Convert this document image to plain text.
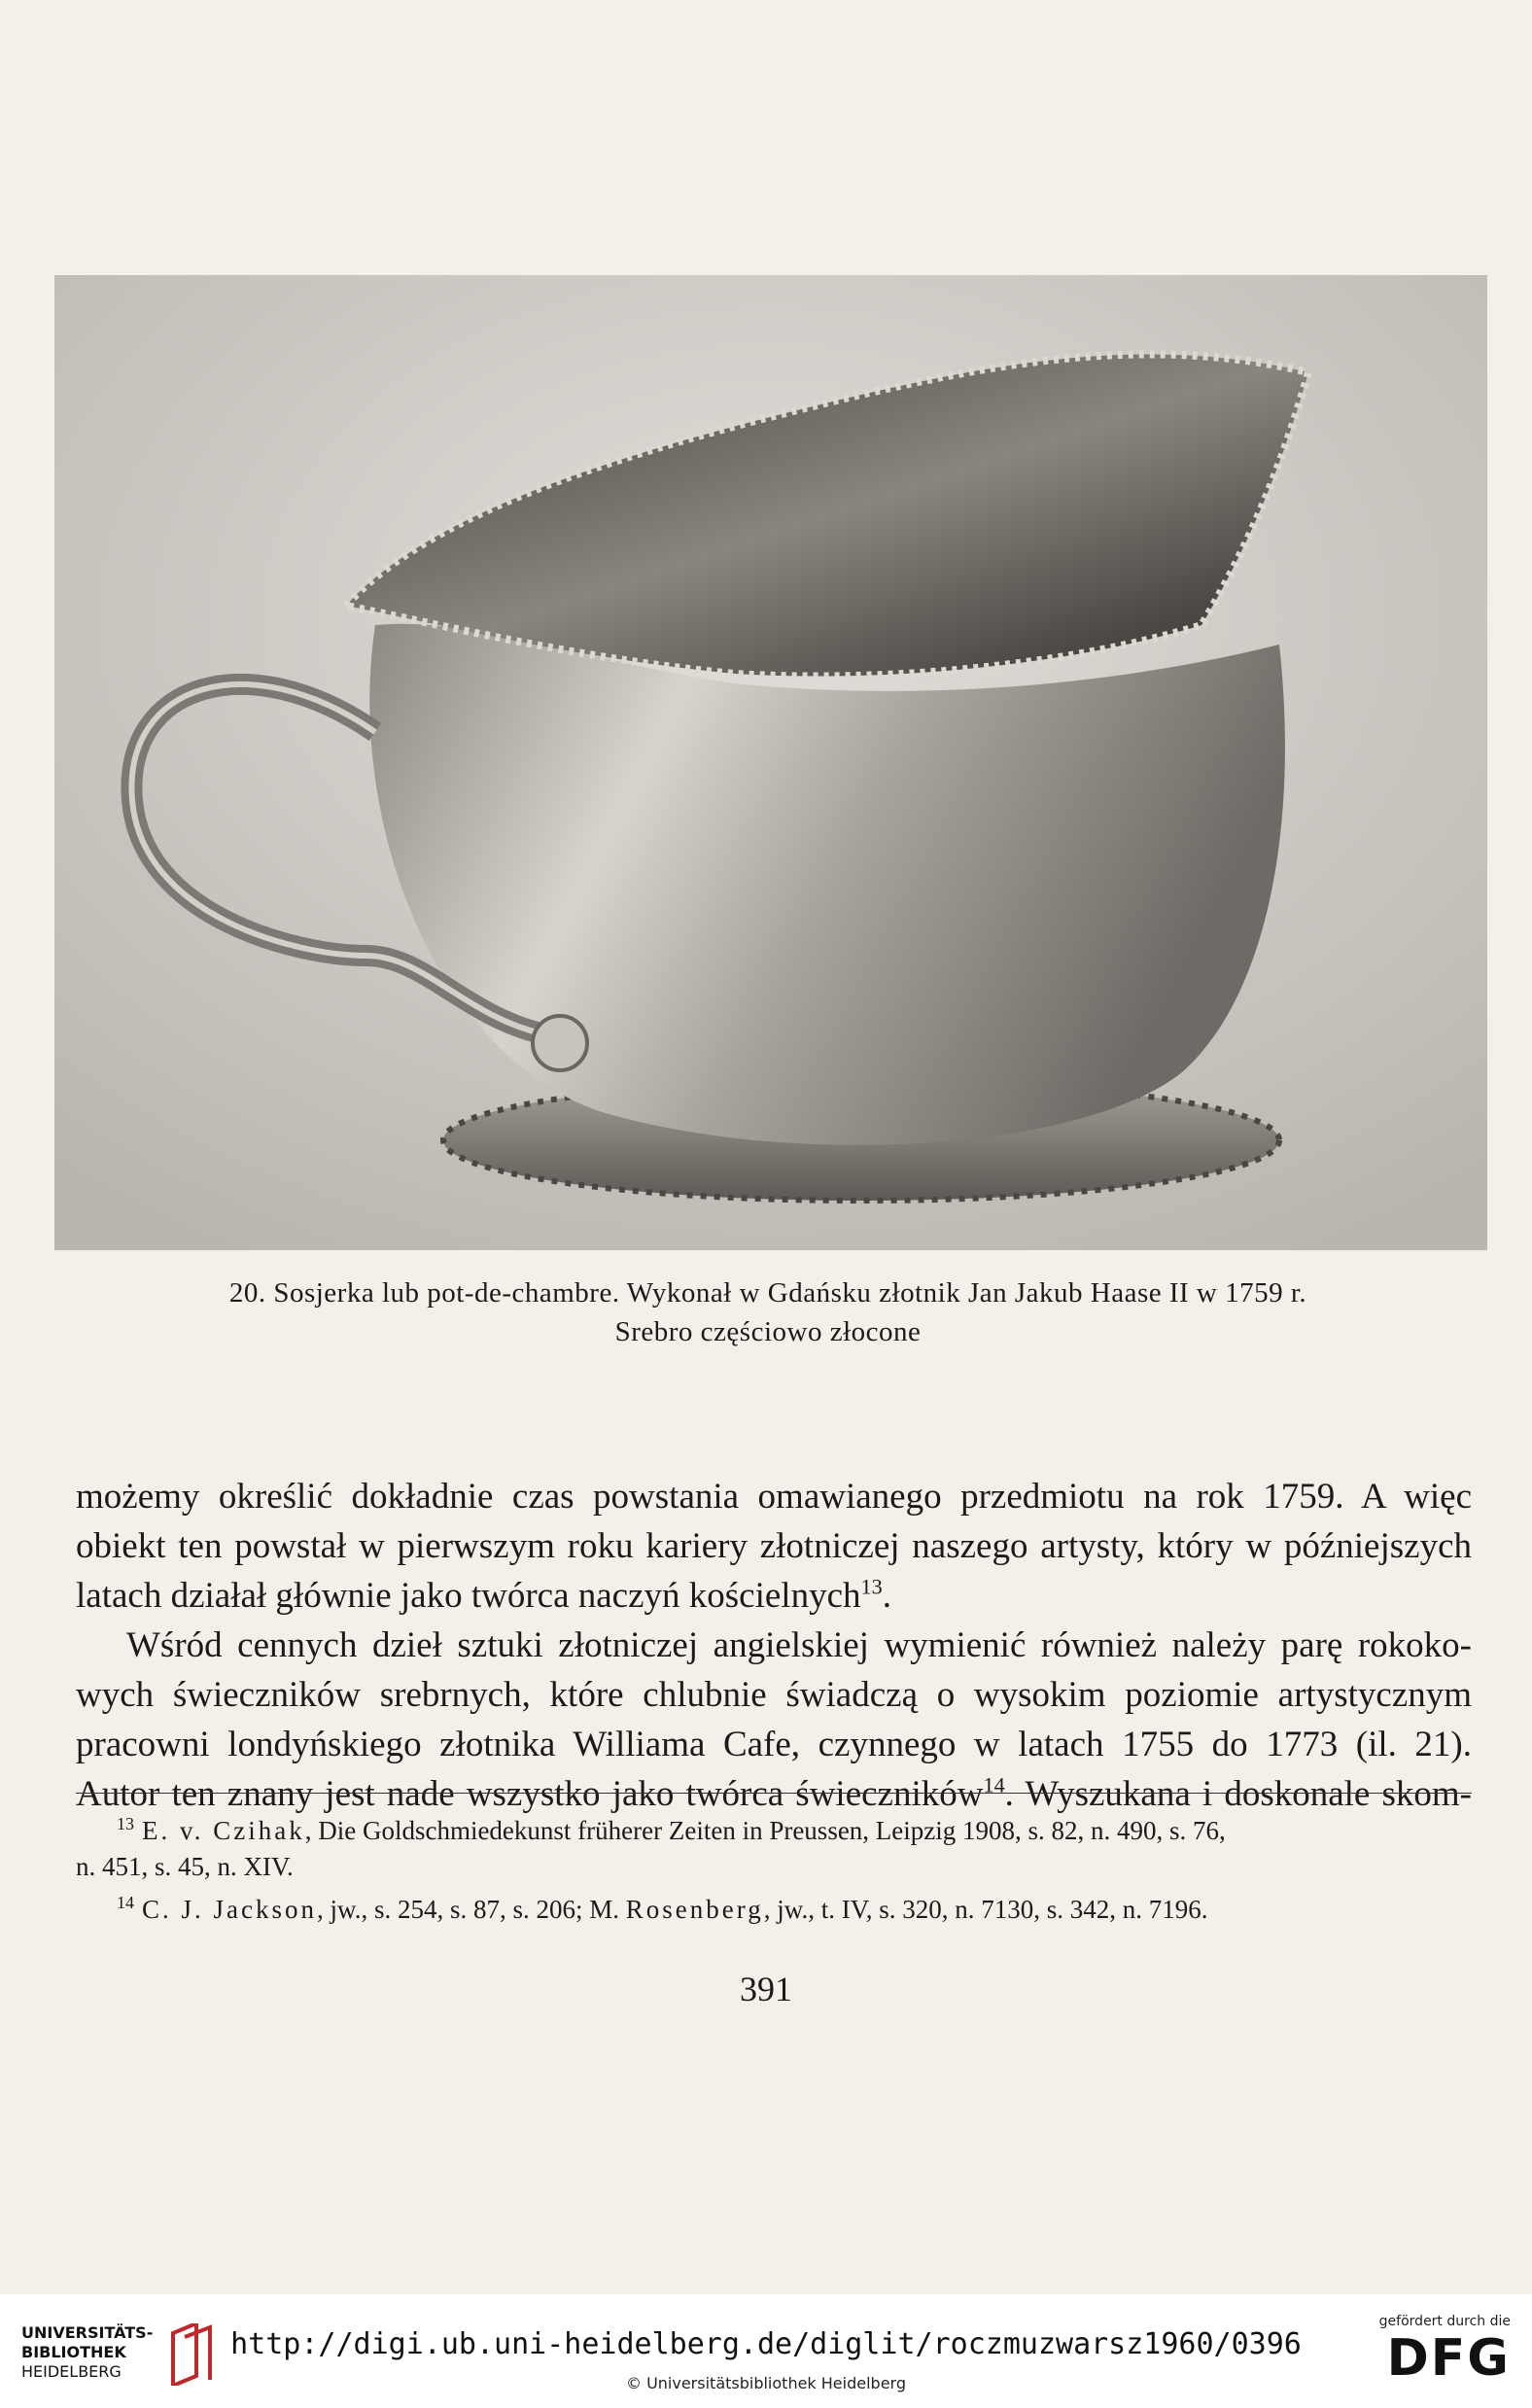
20. Sosjerka lub pot-de-chambre. Wykonał w Gdańsku złotnik Jan Jakub Haase II w 1759 r.
Srebro częściowo złocone

możemy określić dokładnie czas powstania omawianego przedmiotu na rok 1759. A więc
obiekt ten powstał w pierwszym roku kariery złotniczej naszego artysty, który w późniejszych
latach działał głównie jako twórca naczyń kościelnych$^{13}$.

Wśród cennych dzieł sztuki złotniczej angielskiej wymienić również należy parę rokoko-
wych świeczników srebrnych, które chlubnie świadczą o wysokim poziomie artystycznym
pracowni londyńskiego złotnika Williama Cafe, czynnego w latach 1755 do 1773 (il. 21).
Autor ten znany jest nade wszystko jako twórca świeczników$^{14}$. Wyszukana i doskonale skom-

$^{13}$ E. v. Czihak, Die Goldschmiedekunst früherer Zeiten in Preussen, Leipzig 1908, s. 82, n. 490, s. 76,
n. 451, s. 45, n. XIV.
$^{14}$ C. J. Jackson, jw., s. 254, s. 87, s. 206; M. Rosenberg, jw., t. IV, s. 320, n. 7130, s. 342, n. 7196.
391
UNIVERSITÄTS-
BIBLIOTHEK
HEIDELBERG
http://digi.ub.uni-heidelberg.de/diglit/roczmuzwarsz1960/0396
© Universitätsbibliothek Heidelberg
gefördert durch die
DFG
